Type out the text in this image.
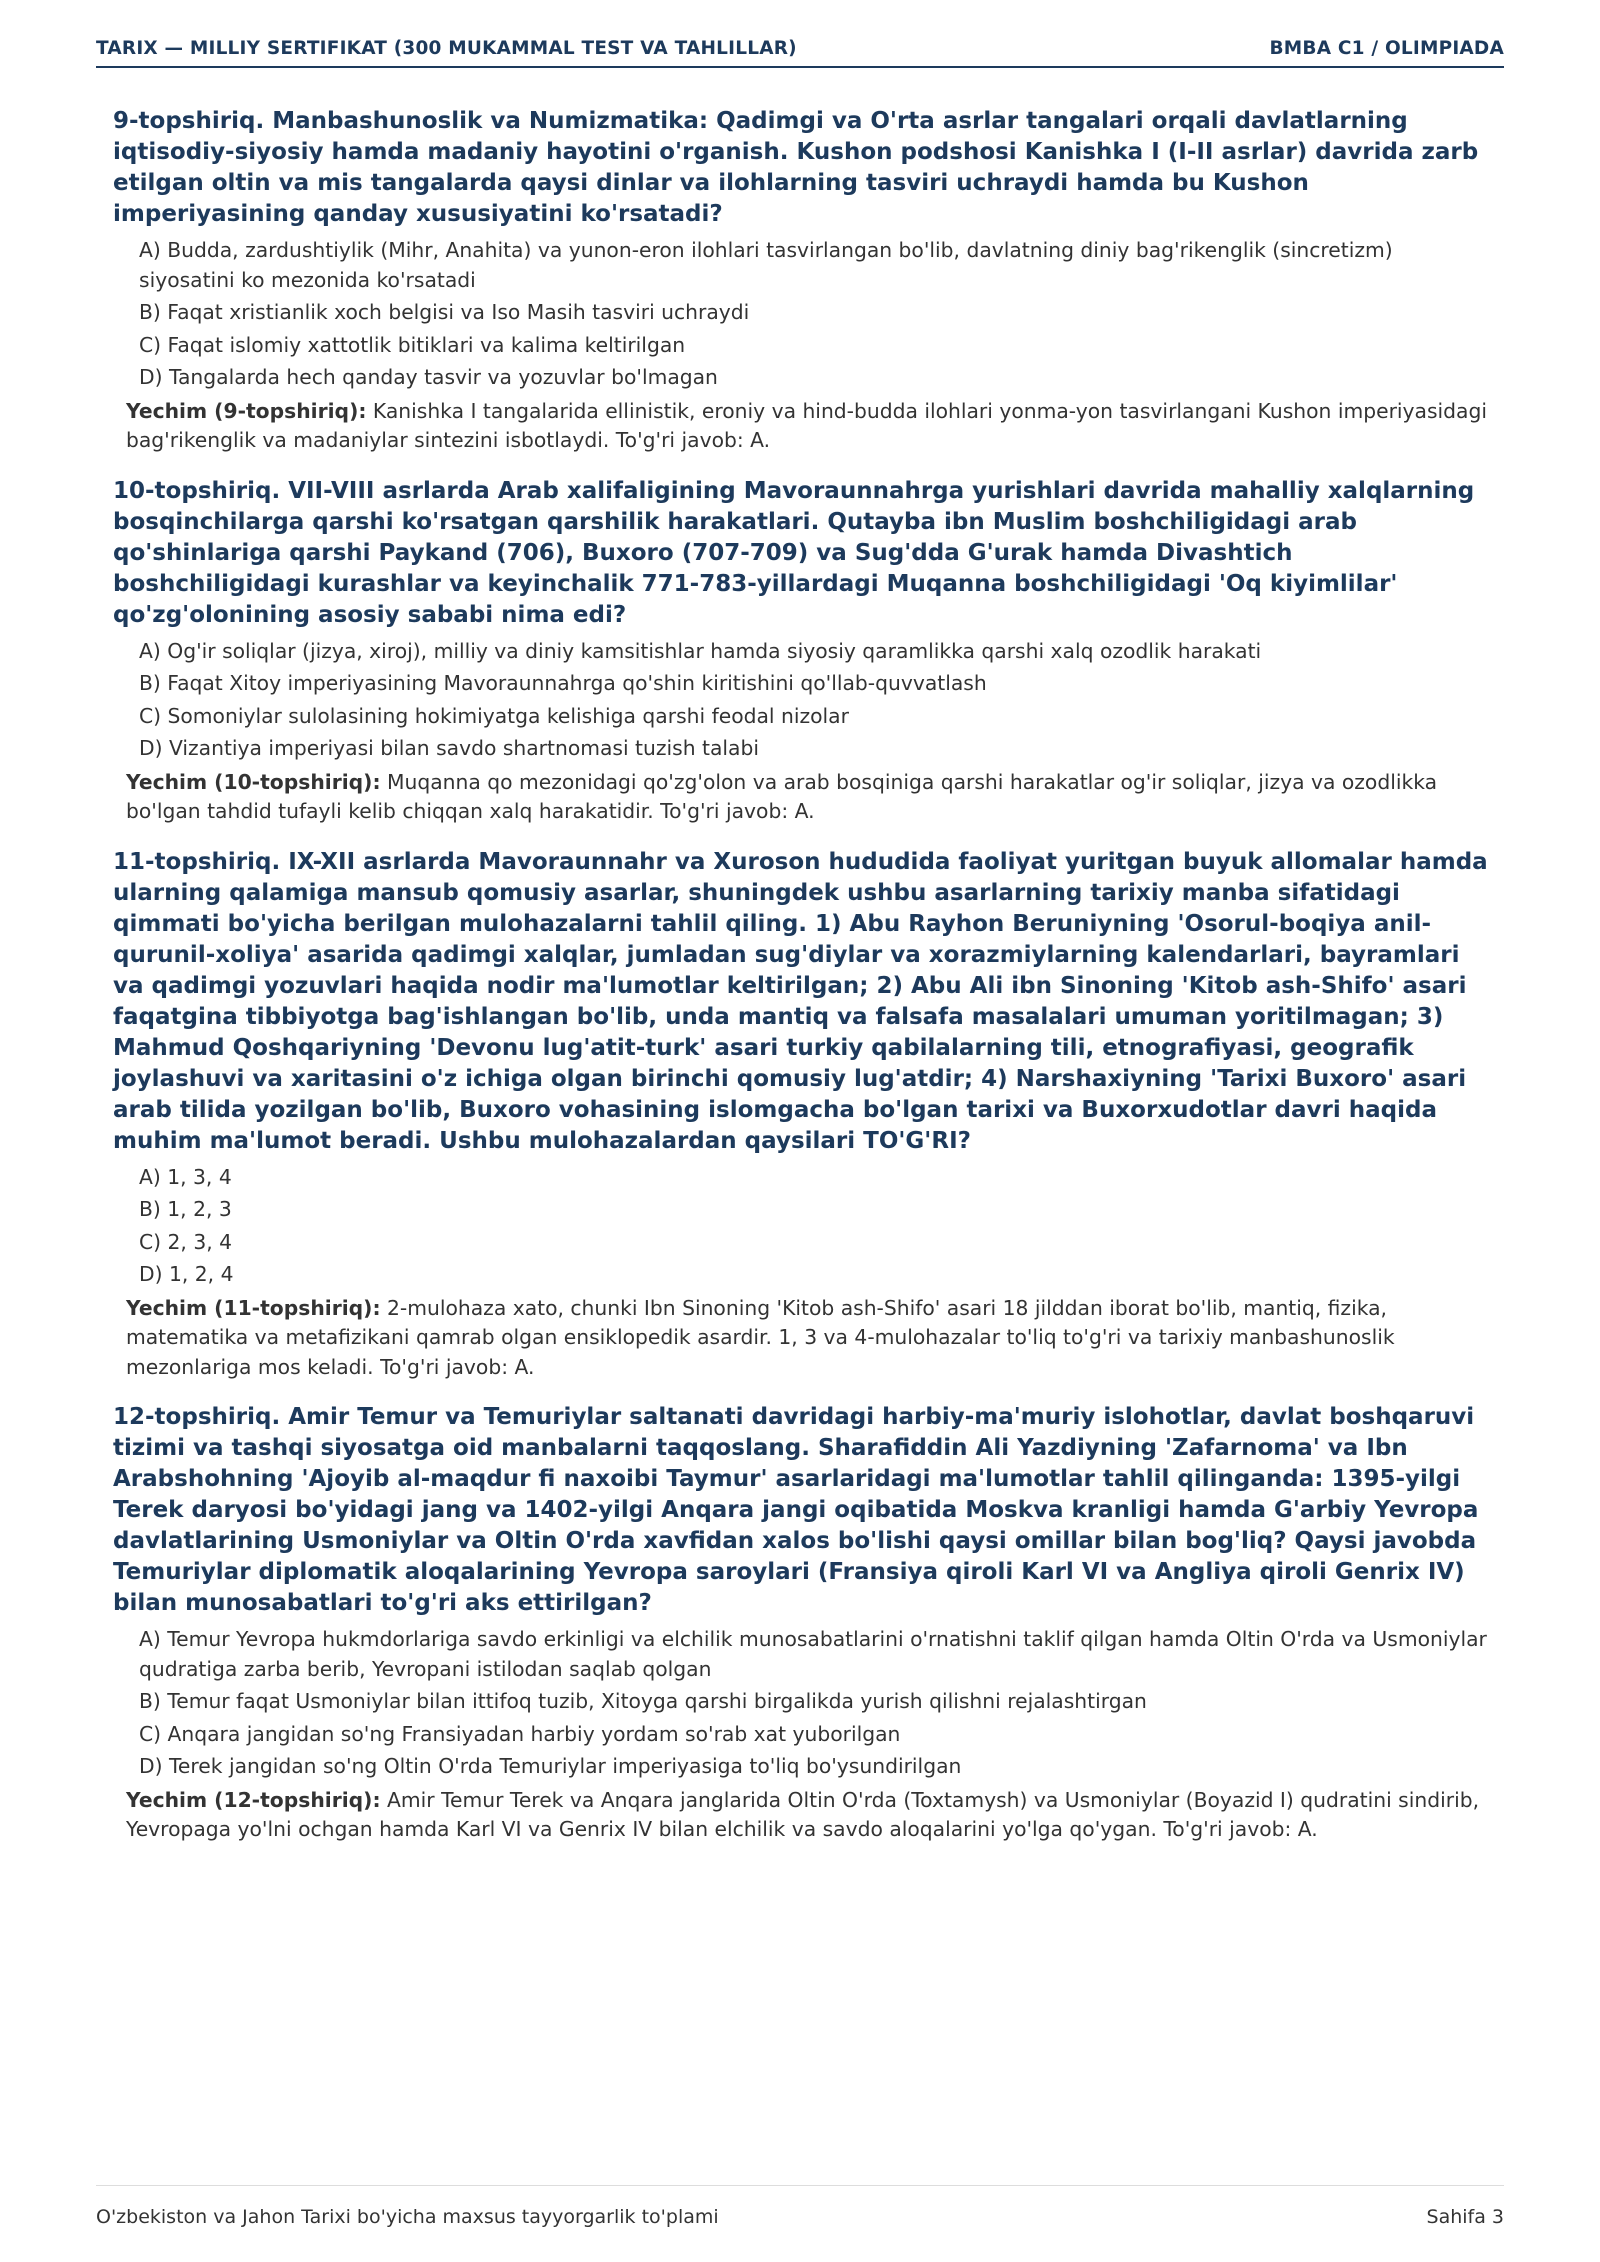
TARIX — MILLIY SERTIFIKAT (300 MUKAMMAL TEST VA TAHLILLAR)	BMBA C1 / OLIMPIADA

9-topshiriq. Manbashunoslik va Numizmatika: Qadimgi va O'rta asrlar tangalari orqali davlatlarning iqtisodiy-siyosiy hamda madaniy hayotini o'rganish. Kushon podshosi Kanishka I (I-II asrlar) davrida zarb etilgan oltin va mis tangalarda qaysi dinlar va ilohlarning tasviri uchraydi hamda bu Kushon imperiyasining qanday xususiyatini ko'rsatadi?

A) Budda, zardushtiylik (Mihr, Anahita) va yunon-eron ilohlari tasvirlangan bo'lib, davlatning diniy bag'rikenglik (sincretizm) siyosatini ko mezonida ko'rsatadi
B) Faqat xristianlik xoch belgisi va Iso Masih tasviri uchraydi
C) Faqat islomiy xattotlik bitiklari va kalima keltirilgan
D) Tangalarda hech qanday tasvir va yozuvlar bo'lmagan

Yechim (9-topshiriq): Kanishka I tangalarida ellinistik, eroniy va hind-budda ilohlari yonma-yon tasvirlangani Kushon imperiyasidagi bag'rikenglik va madaniylar sintezini isbotlaydi. To'g'ri javob: A.

10-topshiriq. VII-VIII asrlarda Arab xalifaligining Mavoraunnahrga yurishlari davrida mahalliy xalqlarning bosqinchilarga qarshi ko'rsatgan qarshilik harakatlari. Qutayba ibn Muslim boshchiligidagi arab qo'shinlariga qarshi Paykand (706), Buxoro (707-709) va Sug'dda G'urak hamda Divashtich boshchiligidagi kurashlar va keyinchalik 771-783-yillardagi Muqanna boshchiligidagi 'Oq kiyimlilar' qo'zg'olonining asosiy sababi nima edi?

A) Og'ir soliqlar (jizya, xiroj), milliy va diniy kamsitishlar hamda siyosiy qaramlikka qarshi xalq ozodlik harakati
B) Faqat Xitoy imperiyasining Mavoraunnahrga qo'shin kiritishini qo'llab-quvvatlash
C) Somoniylar sulolasining hokimiyatga kelishiga qarshi feodal nizolar
D) Vizantiya imperiyasi bilan savdo shartnomasi tuzish talabi

Yechim (10-topshiriq): Muqanna qo mezonidagi qo'zg'olon va arab bosqiniga qarshi harakatlar og'ir soliqlar, jizya va ozodlikka bo'lgan tahdid tufayli kelib chiqqan xalq harakatidir. To'g'ri javob: A.

11-topshiriq. IX-XII asrlarda Mavoraunnahr va Xuroson hududida faoliyat yuritgan buyuk allomalar hamda ularning qalamiga mansub qomusiy asarlar, shuningdek ushbu asarlarning tarixiy manba sifatidagi qimmati bo'yicha berilgan mulohazalarni tahlil qiling. 1) Abu Rayhon Beruniyning 'Osorul-boqiya anil-qurunil-xoliya' asarida qadimgi xalqlar, jumladan sug'diylar va xorazmiylarning kalendarlari, bayramlari va qadimgi yozuvlari haqida nodir ma'lumotlar keltirilgan; 2) Abu Ali ibn Sinoning 'Kitob ash-Shifo' asari faqatgina tibbiyotga bag'ishlangan bo'lib, unda mantiq va falsafa masalalari umuman yoritilmagan; 3) Mahmud Qoshqariyning 'Devonu lug'atit-turk' asari turkiy qabilalarning tili, etnografiyasi, geografik joylashuvi va xaritasini o'z ichiga olgan birinchi qomusiy lug'atdir; 4) Narshaxiyning 'Tarixi Buxoro' asari arab tilida yozilgan bo'lib, Buxoro vohasining islomgacha bo'lgan tarixi va Buxorxudotlar davri haqida muhim ma'lumot beradi. Ushbu mulohazalardan qaysilari TO'G'RI?

A) 1, 3, 4
B) 1, 2, 3
C) 2, 3, 4
D) 1, 2, 4

Yechim (11-topshiriq): 2-mulohaza xato, chunki Ibn Sinoning 'Kitob ash-Shifo' asari 18 jilddan iborat bo'lib, mantiq, fizika, matematika va metafizikani qamrab olgan ensiklopedik asardir. 1, 3 va 4-mulohazalar to'liq to'g'ri va tarixiy manbashunoslik mezonlariga mos keladi. To'g'ri javob: A.

12-topshiriq. Amir Temur va Temuriylar saltanati davridagi harbiy-ma'muriy islohotlar, davlat boshqaruvi tizimi va tashqi siyosatga oid manbalarni taqqoslang. Sharafiddin Ali Yazdiyning 'Zafarnoma' va Ibn Arabshohning 'Ajoyib al-maqdur fi naxoibi Taymur' asarlaridagi ma'lumotlar tahlil qilinganda: 1395-yilgi Terek daryosi bo'yidagi jang va 1402-yilgi Anqara jangi oqibatida Moskva kranligi hamda G'arbiy Yevropa davlatlarining Usmoniylar va Oltin O'rda xavfidan xalos bo'lishi qaysi omillar bilan bog'liq? Qaysi javobda Temuriylar diplomatik aloqalarining Yevropa saroylari (Fransiya qiroli Karl VI va Angliya qiroli Genrix IV) bilan munosabatlari to'g'ri aks ettirilgan?

A) Temur Yevropa hukmdorlariga savdo erkinligi va elchilik munosabatlarini o'rnatishni taklif qilgan hamda Oltin O'rda va Usmoniylar qudratiga zarba berib, Yevropani istilodan saqlab qolgan
B) Temur faqat Usmoniylar bilan ittifoq tuzib, Xitoyga qarshi birgalikda yurish qilishni rejalashtirgan
C) Anqara jangidan so'ng Fransiyadan harbiy yordam so'rab xat yuborilgan
D) Terek jangidan so'ng Oltin O'rda Temuriylar imperiyasiga to'liq bo'ysundirilgan

Yechim (12-topshiriq): Amir Temur Terek va Anqara janglarida Oltin O'rda (Toxtamysh) va Usmoniylar (Boyazid I) qudratini sindirib, Yevropaga yo'lni ochgan hamda Karl VI va Genrix IV bilan elchilik va savdo aloqalarini yo'lga qo'ygan. To'g'ri javob: A.

O'zbekiston va Jahon Tarixi bo'yicha maxsus tayyorgarlik to'plami	Sahifa 3
